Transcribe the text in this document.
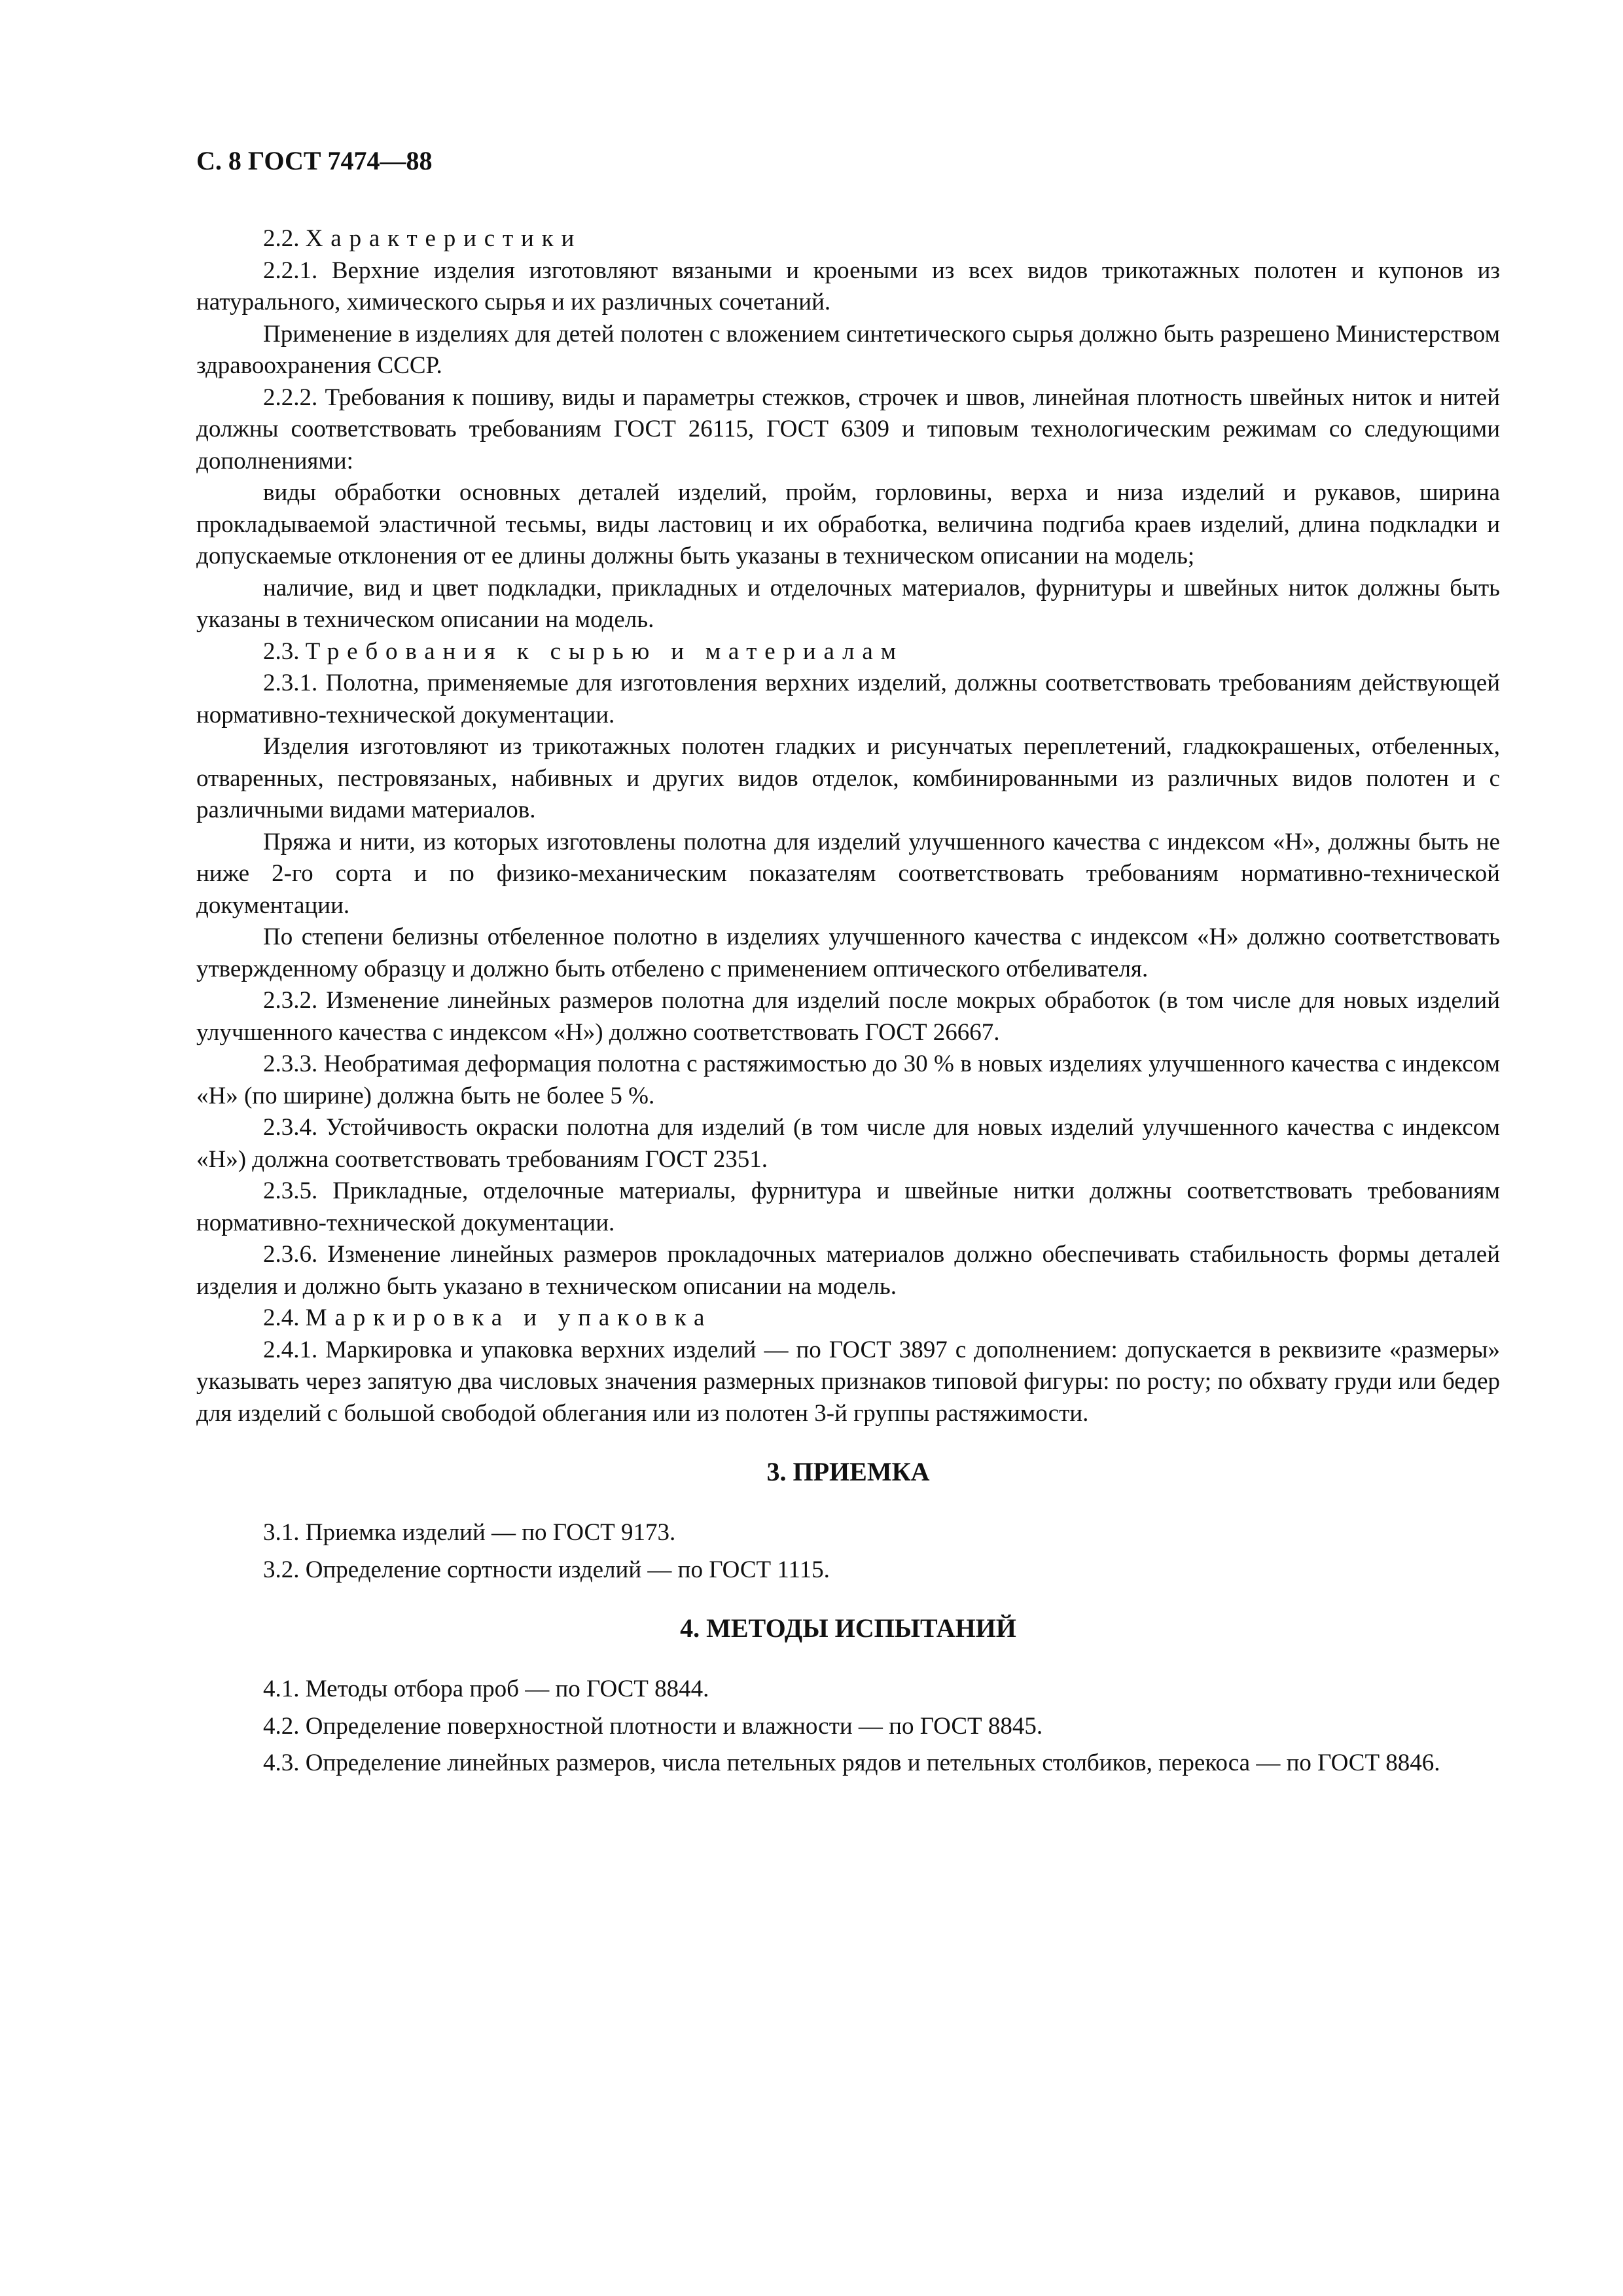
С. 8 ГОСТ 7474—88

2.2. Характеристики

2.2.1. Верхние изделия изготовляют вязаными и кроеными из всех видов трикотажных полотен и купонов из натурального, химического сырья и их различных сочетаний.

Применение в изделиях для детей полотен с вложением синтетического сырья должно быть разрешено Министерством здравоохранения СССР.

2.2.2. Требования к пошиву, виды и параметры стежков, строчек и швов, линейная плотность швейных ниток и нитей должны соответствовать требованиям ГОСТ 26115, ГОСТ 6309 и типовым технологическим режимам со следующими дополнениями:

виды обработки основных деталей изделий, пройм, горловины, верха и низа изделий и рукавов, ширина прокладываемой эластичной тесьмы, виды ластовиц и их обработка, величина подгиба краев изделий, длина подкладки и допускаемые отклонения от ее длины должны быть указаны в техническом описании на модель;

наличие, вид и цвет подкладки, прикладных и отделочных материалов, фурнитуры и швейных ниток должны быть указаны в техническом описании на модель.

2.3. Требования к сырью и материалам

2.3.1. Полотна, применяемые для изготовления верхних изделий, должны соответствовать требованиям действующей нормативно-технической документации.

Изделия изготовляют из трикотажных полотен гладких и рисунчатых переплетений, гладкокрашеных, отбеленных, отваренных, пестровязаных, набивных и других видов отделок, комбинированными из различных видов полотен и с различными видами материалов.

Пряжа и нити, из которых изготовлены полотна для изделий улучшенного качества с индексом «Н», должны быть не ниже 2-го сорта и по физико-механическим показателям соответствовать требованиям нормативно-технической документации.

По степени белизны отбеленное полотно в изделиях улучшенного качества с индексом «Н» должно соответствовать утвержденному образцу и должно быть отбелено с применением оптического отбеливателя.

2.3.2. Изменение линейных размеров полотна для изделий после мокрых обработок (в том числе для новых изделий улучшенного качества с индексом «Н») должно соответствовать ГОСТ 26667.

2.3.3. Необратимая деформация полотна с растяжимостью до 30 % в новых изделиях улучшенного качества с индексом «Н» (по ширине) должна быть не более 5 %.

2.3.4. Устойчивость окраски полотна для изделий (в том числе для новых изделий улучшенного качества с индексом «Н») должна соответствовать требованиям ГОСТ 2351.

2.3.5. Прикладные, отделочные материалы, фурнитура и швейные нитки должны соответствовать требованиям нормативно-технической документации.

2.3.6. Изменение линейных размеров прокладочных материалов должно обеспечивать стабильность формы деталей изделия и должно быть указано в техническом описании на модель.

2.4. Маркировка и упаковка

2.4.1. Маркировка и упаковка верхних изделий — по ГОСТ 3897 с дополнением: допускается в реквизите «размеры» указывать через запятую два числовых значения размерных признаков типовой фигуры: по росту; по обхвату груди или бедер для изделий с большой свободой облегания или из полотен 3-й группы растяжимости.

3. ПРИЕМКА

3.1. Приемка изделий — по ГОСТ 9173.

3.2. Определение сортности изделий — по ГОСТ 1115.

4. МЕТОДЫ ИСПЫТАНИЙ

4.1. Методы отбора проб — по ГОСТ 8844.

4.2. Определение поверхностной плотности и влажности — по ГОСТ 8845.

4.3. Определение линейных размеров, числа петельных рядов и петельных столбиков, перекоса — по ГОСТ 8846.
